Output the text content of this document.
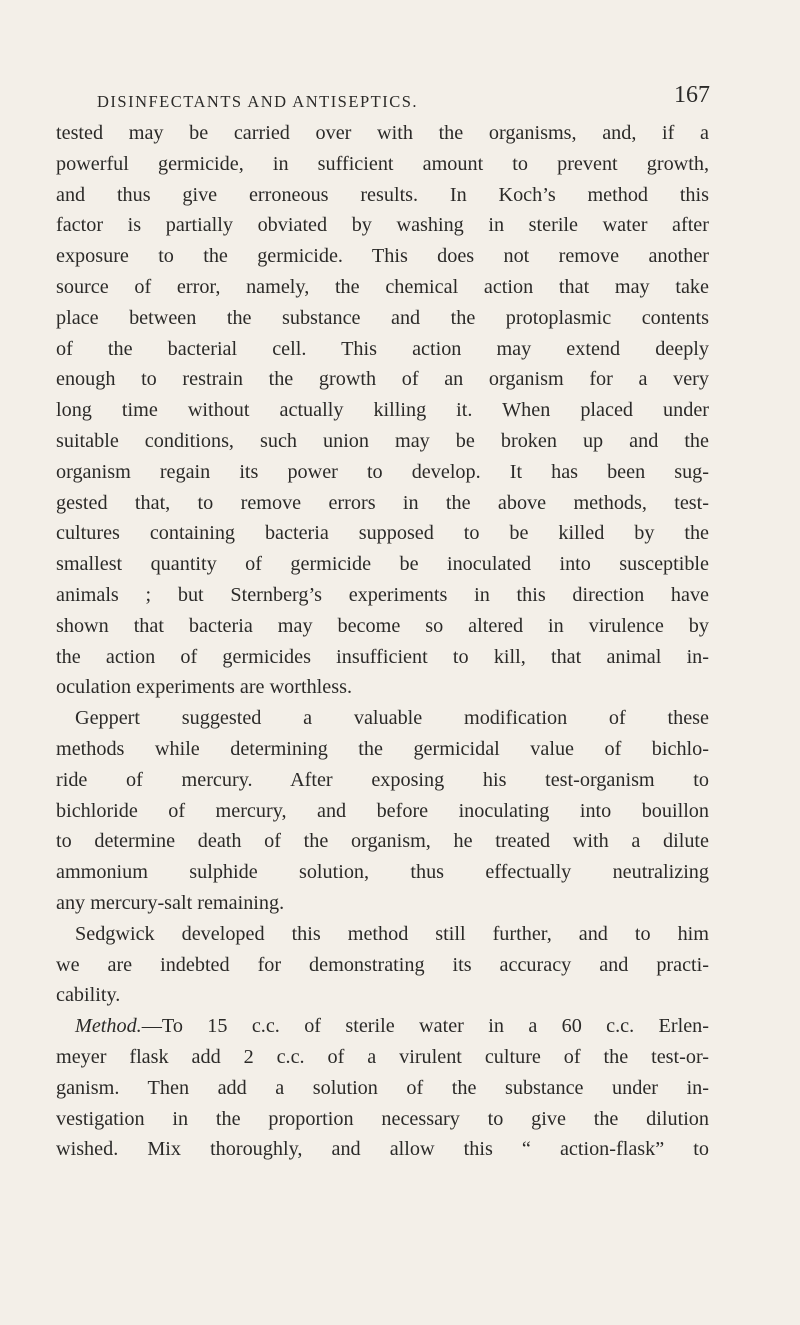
DISINFECTANTS AND ANTISEPTICS.	167
tested may be carried over with the organisms, and, if a
powerful germicide, in sufficient amount to prevent growth,
and thus give erroneous results. In Koch’s method this
factor is partially obviated by washing in sterile water after
exposure to the germicide. This does not remove another
source of error, namely, the chemical action that may take
place between the substance and the protoplasmic contents
of the bacterial cell. This action may extend deeply
enough to restrain the growth of an organism for a very
long time without actually killing it. When placed under
suitable conditions, such union may be broken up and the
organism regain its power to develop. It has been sug-
gested that, to remove errors in the above methods, test-
cultures containing bacteria supposed to be killed by the
smallest quantity of germicide be inoculated into susceptible
animals ; but Sternberg’s experiments in this direction have
shown that bacteria may become so altered in virulence by
the action of germicides insufficient to kill, that animal in-
oculation experiments are worthless.
Geppert suggested a valuable modification of these
methods while determining the germicidal value of bichlo-
ride of mercury. After exposing his test-organism to
bichloride of mercury, and before inoculating into bouillon
to determine death of the organism, he treated with a dilute
ammonium sulphide solution, thus effectually neutralizing
any mercury-salt remaining.
Sedgwick developed this method still further, and to him
we are indebted for demonstrating its accuracy and practi-
cability.
Method.—To 15 c.c. of sterile water in a 60 c.c. Erlen-
meyer flask add 2 c.c. of a virulent culture of the test-or-
ganism. Then add a solution of the substance under in-
vestigation in the proportion necessary to give the dilution
wished. Mix thoroughly, and allow this “ action-flask” to
